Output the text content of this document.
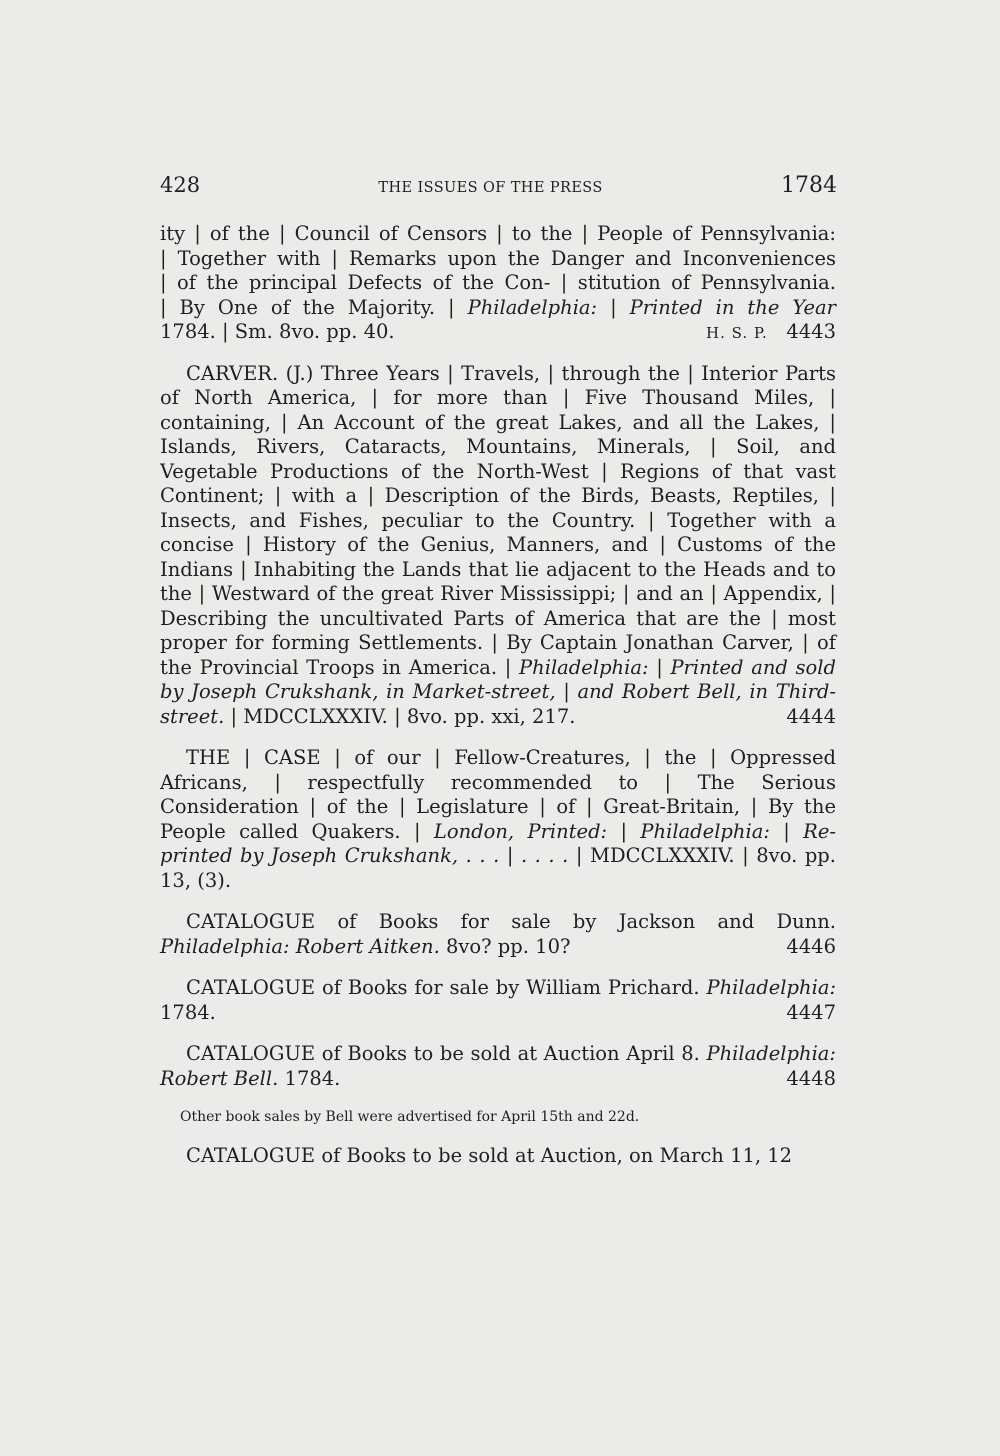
428	THE ISSUES OF THE PRESS	1784

ity | of the | Council of Censors | to the | People of Pennsylvania:

| Together with | Remarks upon the Danger and Inconveniences

| of the principal Defects of the Con- | stitution of Pennsylvania.

| By One of the Majority. | Philadelphia: | Printed in the Year

1784. | Sm. 8vo. pp. 40.	H. S. P. 4443

CARVER. (J.) Three Years | Travels, | through the | Interior Parts of North America, | for more than | Five Thousand Miles, | containing, | An Account of the great Lakes, and all the Lakes, | Islands, Rivers, Cataracts, Mountains, Minerals, | Soil, and Vegetable Productions of the North-West | Regions of that vast Continent; | with a | Description of the Birds, Beasts, Reptiles, | Insects, and Fishes, peculiar to the Country. | Together with a concise | History of the Genius, Manners, and | Customs of the Indians | Inhabiting the Lands that lie adjacent to the Heads and to the | Westward of the great River Mississippi; | and an | Appendix, | Describing the uncultivated Parts of America that are the | most proper for forming Settlements. | By Captain Jonathan Carver, | of the Provincial Troops in America. | Philadelphia: | Printed and sold by Joseph Crukshank, in Market-street, | and Robert Bell, in Third-street. | MDCCLXXXIV. | 8vo. pp. xxi, 217.	4444

THE | CASE | of our | Fellow-Creatures, | the | Oppressed Africans, | respectfully recommended to | The Serious Consideration | of the | Legislature | of | Great-Britain, | By the People called Quakers. | London, Printed: | Philadelphia: | Re-printed by Joseph Crukshank, . . . | . . . . | MDCCLXXXIV. | 8vo. pp. 13, (3).

CATALOGUE of Books for sale by Jackson and Dunn. Philadelphia: Robert Aitken. 8vo? pp. 10?	4446

CATALOGUE of Books for sale by William Prichard. Philadelphia: 1784.	4447

CATALOGUE of Books to be sold at Auction April 8. Philadelphia: Robert Bell. 1784.	4448

Other book sales by Bell were advertised for April 15th and 22d.

CATALOGUE of Books to be sold at Auction, on March 11, 12
